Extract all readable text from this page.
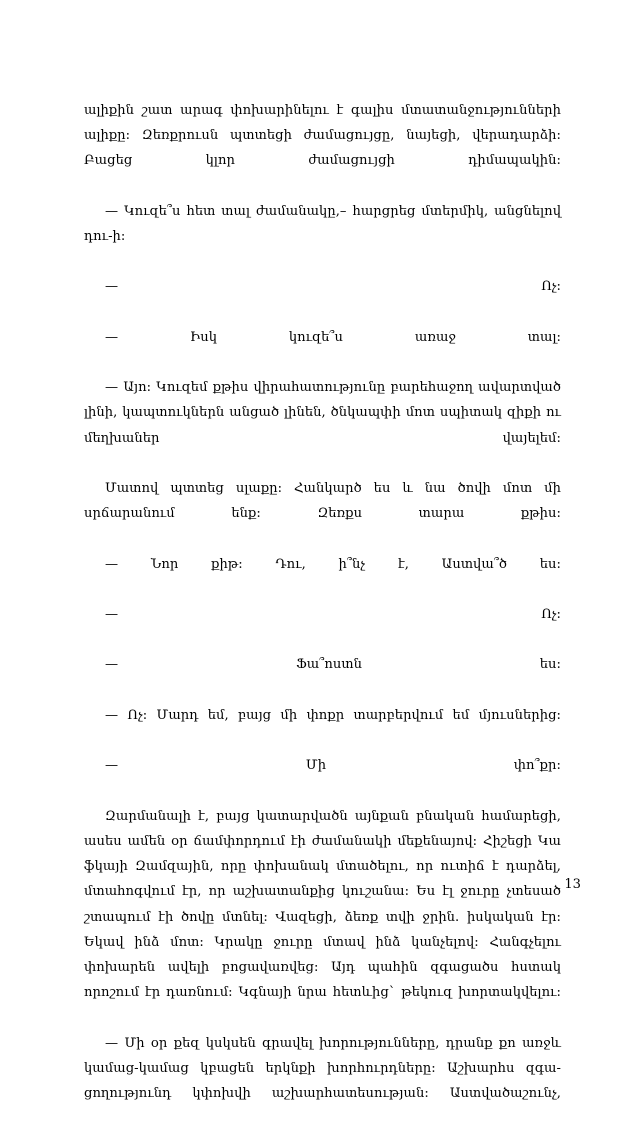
ալիքին շատ արագ փոխարինելու է գալիս մտատանջությունների ալիքը: Զեռքրուսն պտտեցի ժամացույցը, նայեցի, վերադարձի: Բացեց կլոր ժամացույցի դիմապակին:

— Կուզե՞ս հետ տալ ժամանակը,– հարցրեց մտերմիկ, անցնելով դու-ի:

— Ոչ:

— Իսկ կուզե՞ս առաջ տալ:

— Այո: Կուզեմ քթիս վիրահատությունը բարեհաջող ավարտված լինի, կապտուկներն անցած լինեն, ծնկապփի մոտ սպիտակ զիքի ու մեղխաներ վայելեմ:

Մատով պտտեց սլաքը: Հանկարծ ես և նա ծովի մոտ մի սրճարանում ենք: Զեռքս տարա քթիս:

— Նոր քիթ: Դու, ի՞նչ է, Աստվա՞ծ ես:

— Ոչ:

— Ֆա՞ոստն ես:

— Ոչ: Մարդ եմ, բայց մի փոքր տարբերվում եմ մյուսներից:

— Մի փո՞քր:

Զարմանալի է, բայց կատարվածն այնքան բնական համարեցի, ասես ամեն օր ճամփորդում էի ժամանակի մեքենայով: Հիշեցի Կա ֆկայի Զամզային, որը փոխանակ մտածելու, որ ուտիճ է դարձել, մտահոգվում էր, որ աշխատանքից կուշանա: Ես էլ ջուրը չտեսած շտապում էի ծովը մտնել: Վազեցի, ձեռք տվի ջրին. իսկական էր: Եկավ ինձ մոտ: Կրակը ջուրը մտավ ինձ կանչելով: Հանգչելու փոխարեն ավելի բոցավառվեց: Այդ պահին զգացածս հստակ որոշում էր դառնում: Կգնայի նրա հետևից` թեկուզ խորտակվելու:

— Մի օր քեզ կսկսեն գրավել խորությունները, դրանք քո առջև կամաց-կամաց կբացեն երկնքի խորհուրդները: Աշխարհս զգա-ցողությունդ կփոխվի աշխարհատեսության: Աստվածաշունչ,

13
